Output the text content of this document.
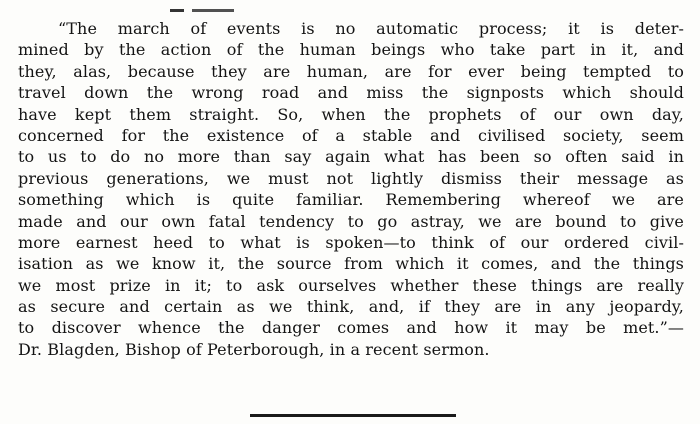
“The march of events is no automatic process; it is deter-
mined by the action of the human beings who take part in it, and
they, alas, because they are human, are for ever being tempted to
travel down the wrong road and miss the signposts which should
have kept them straight. So, when the prophets of our own day,
concerned for the existence of a stable and civilised society, seem
to us to do no more than say again what has been so often said in
previous generations, we must not lightly dismiss their message as
something which is quite familiar. Remembering whereof we are
made and our own fatal tendency to go astray, we are bound to give
more earnest heed to what is spoken—to think of our ordered civil-
isation as we know it, the source from which it comes, and the things
we most prize in it; to ask ourselves whether these things are really
as secure and certain as we think, and, if they are in any jeopardy,
to discover whence the danger comes and how it may be met.”—
Dr. Blagden, Bishop of Peterborough, in a recent sermon.
